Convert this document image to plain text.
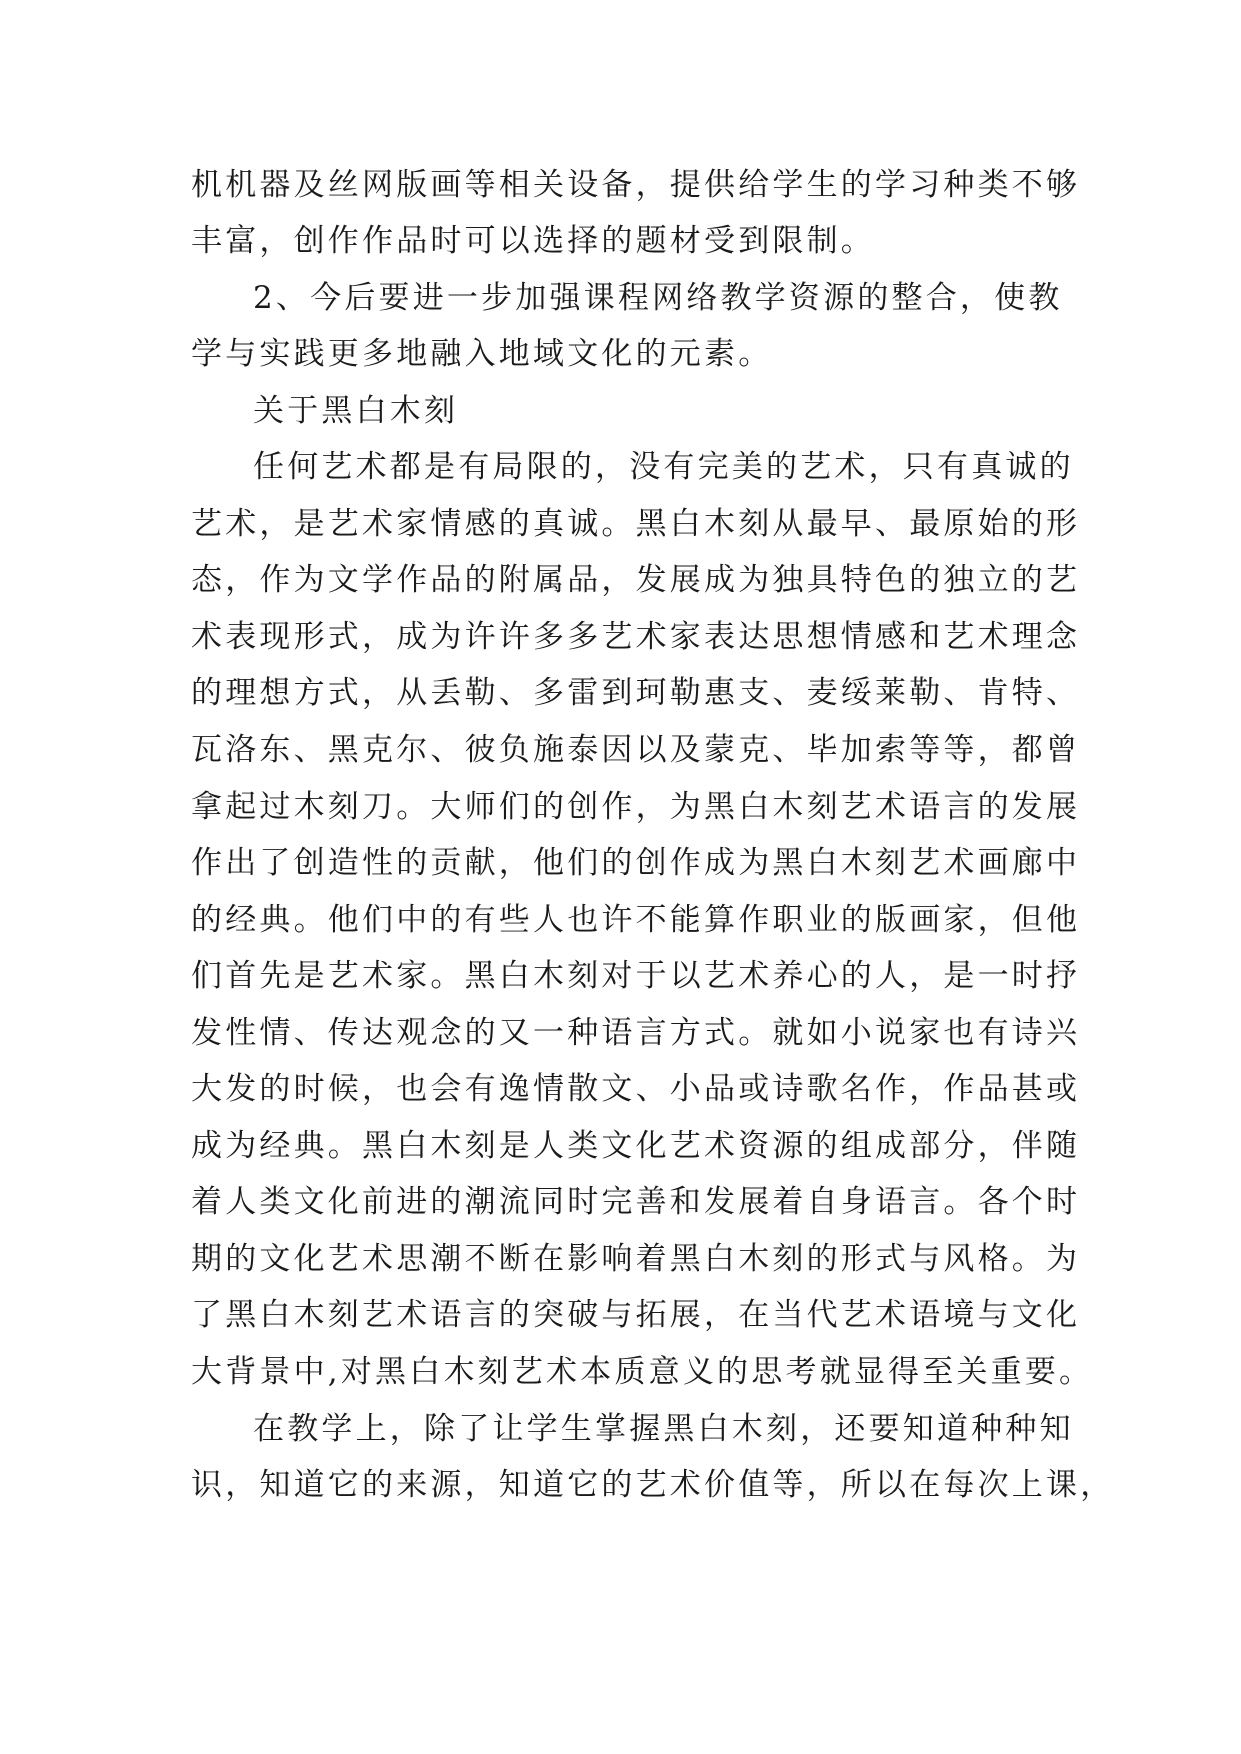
机机器及丝网版画等相关设备，提供给学生的学习种类不够
丰富，创作作品时可以选择的题材受到限制。
2、今后要进一步加强课程网络教学资源的整合，使教
学与实践更多地融入地域文化的元素。
关于黑白木刻
任何艺术都是有局限的，没有完美的艺术，只有真诚的
艺术，是艺术家情感的真诚。黑白木刻从最早、最原始的形
态，作为文学作品的附属品，发展成为独具特色的独立的艺
术表现形式，成为许许多多艺术家表达思想情感和艺术理念
的理想方式，从丢勒、多雷到珂勒惠支、麦绥莱勒、肯特、
瓦洛东、黑克尔、彼负施泰因以及蒙克、毕加索等等，都曾
拿起过木刻刀。大师们的创作，为黑白木刻艺术语言的发展
作出了创造性的贡献，他们的创作成为黑白木刻艺术画廊中
的经典。他们中的有些人也许不能算作职业的版画家，但他
们首先是艺术家。黑白木刻对于以艺术养心的人，是一时抒
发性情、传达观念的又一种语言方式。就如小说家也有诗兴
大发的时候，也会有逸情散文、小品或诗歌名作，作品甚或
成为经典。黑白木刻是人类文化艺术资源的组成部分，伴随
着人类文化前进的潮流同时完善和发展着自身语言。各个时
期的文化艺术思潮不断在影响着黑白木刻的形式与风格。为
了黑白木刻艺术语言的突破与拓展，在当代艺术语境与文化
大背景中,对黑白木刻艺术本质意义的思考就显得至关重要。
在教学上，除了让学生掌握黑白木刻，还要知道种种知
识，知道它的来源，知道它的艺术价值等，所以在每次上课，
